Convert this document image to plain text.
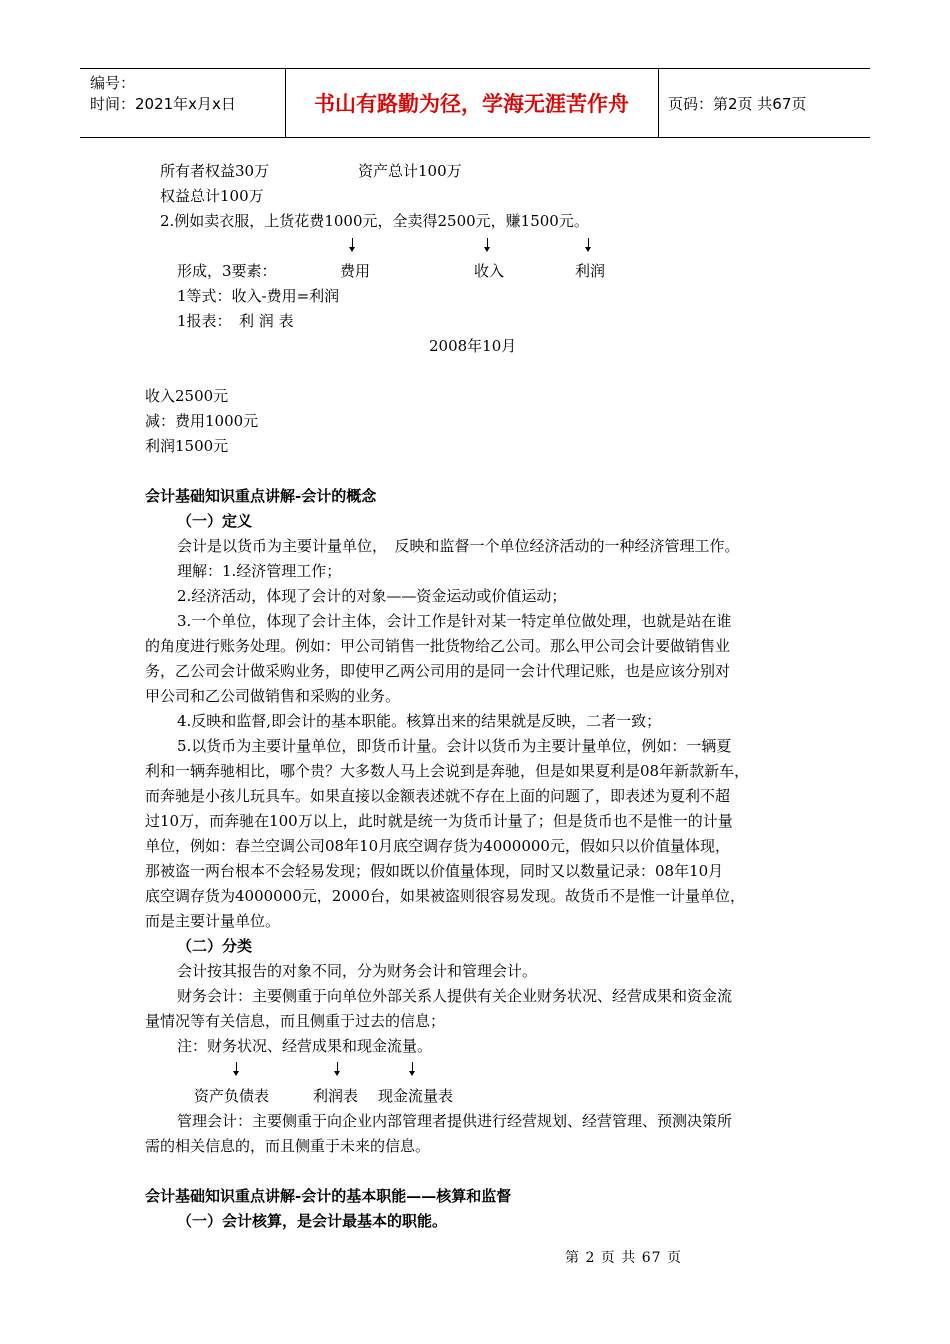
编号：
时间：2021年x月x日	书山有路勤为径，学海无涯苦作舟	页码：第2页 共67页
所有者权益30万	资产总计100万
权益总计100万
2.例如卖衣服，上货花费1000元，全卖得2500元，赚1500元。
形成，3要素：	费用	收入	利润
1等式：收入-费用=利润
1报表：　利 润 表
2008年10月
收入2500元
减：费用1000元
利润1500元
会计基础知识重点讲解-会计的概念
（一）定义
会计是以货币为主要计量单位，　反映和监督一个单位经济活动的一种经济管理工作。
理解：1.经济管理工作；
2.经济活动，体现了会计的对象——资金运动或价值运动；
3.一个单位，体现了会计主体，会计工作是针对某一特定单位做处理，也就是站在谁
的角度进行账务处理。例如：甲公司销售一批货物给乙公司。那么甲公司会计要做销售业
务，乙公司会计做采购业务，即使甲乙两公司用的是同一会计代理记账，也是应该分别对
甲公司和乙公司做销售和采购的业务。
4.反映和监督,即会计的基本职能。核算出来的结果就是反映，二者一致；
5.以货币为主要计量单位，即货币计量。会计以货币为主要计量单位，例如：一辆夏
利和一辆奔驰相比，哪个贵？大多数人马上会说到是奔驰，但是如果夏利是08年新款新车，
而奔驰是小孩儿玩具车。如果直接以金额表述就不存在上面的问题了，即表述为夏利不超
过10万，而奔驰在100万以上，此时就是统一为货币计量了；但是货币也不是惟一的计量
单位，例如：春兰空调公司08年10月底空调存货为4000000元，假如只以价值量体现，
那被盗一两台根本不会轻易发现；假如既以价值量体现，同时又以数量记录：08年10月
底空调存货为4000000元，2000台，如果被盗则很容易发现。故货币不是惟一计量单位，
而是主要计量单位。
（二）分类
会计按其报告的对象不同，分为财务会计和管理会计。
财务会计：主要侧重于向单位外部关系人提供有关企业财务状况、经营成果和资金流
量情况等有关信息，而且侧重于过去的信息；
注：财务状况、经营成果和现金流量。
资产负债表	利润表 现金流量表
管理会计：主要侧重于向企业内部管理者提供进行经营规划、经营管理、预测决策所
需的相关信息的，而且侧重于未来的信息。
会计基础知识重点讲解-会计的基本职能——核算和监督
（一）会计核算，是会计最基本的职能。
第 2 页 共 67 页
